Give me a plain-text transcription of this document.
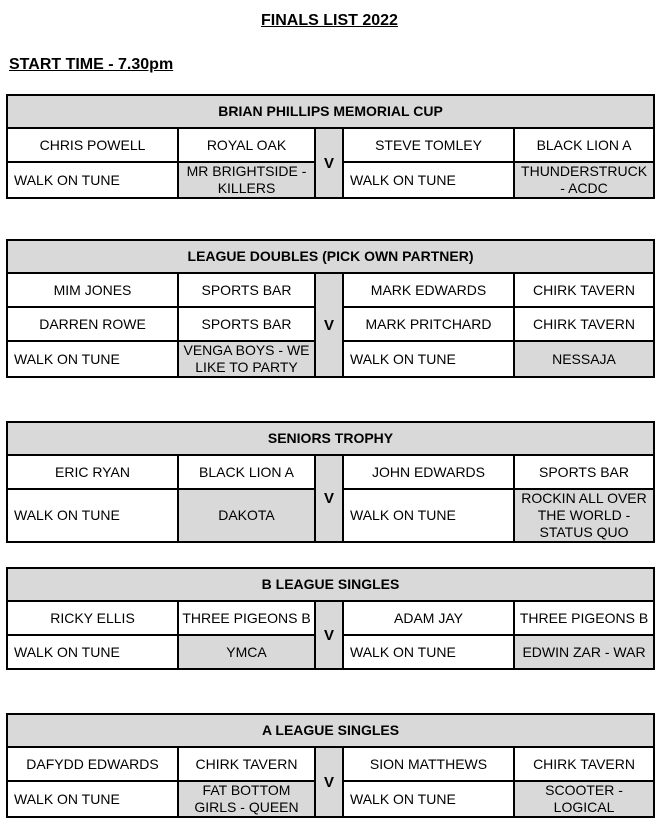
FINALS LIST 2022
START TIME - 7.30pm
BRIAN PHILLIPS MEMORIAL CUP				
CHRIS POWELL	ROYAL OAK	V	STEVE TOMLEY	BLACK LION A
WALK ON TUNE	MR BRIGHTSIDE - KILLERS		WALK ON TUNE	THUNDERSTRUCK - ACDC
LEAGUE DOUBLES (PICK OWN PARTNER)				
MIM JONES	SPORTS BAR	V	MARK EDWARDS	CHIRK TAVERN
DARREN ROWE	SPORTS BAR		MARK PRITCHARD	CHIRK TAVERN
WALK ON TUNE	VENGA BOYS - WE LIKE TO PARTY		WALK ON TUNE	NESSAJA
SENIORS TROPHY				
ERIC RYAN	BLACK LION A	V	JOHN EDWARDS	SPORTS BAR
WALK ON TUNE	DAKOTA		WALK ON TUNE	ROCKIN ALL OVER THE WORLD - STATUS QUO
B LEAGUE SINGLES				
RICKY ELLIS	THREE PIGEONS B	V	ADAM JAY	THREE PIGEONS B
WALK ON TUNE	YMCA		WALK ON TUNE	EDWIN ZAR - WAR
A LEAGUE SINGLES				
DAFYDD EDWARDS	CHIRK TAVERN	V	SION MATTHEWS	CHIRK TAVERN
WALK ON TUNE	FAT BOTTOM GIRLS - QUEEN		WALK ON TUNE	SCOOTER - LOGICAL
